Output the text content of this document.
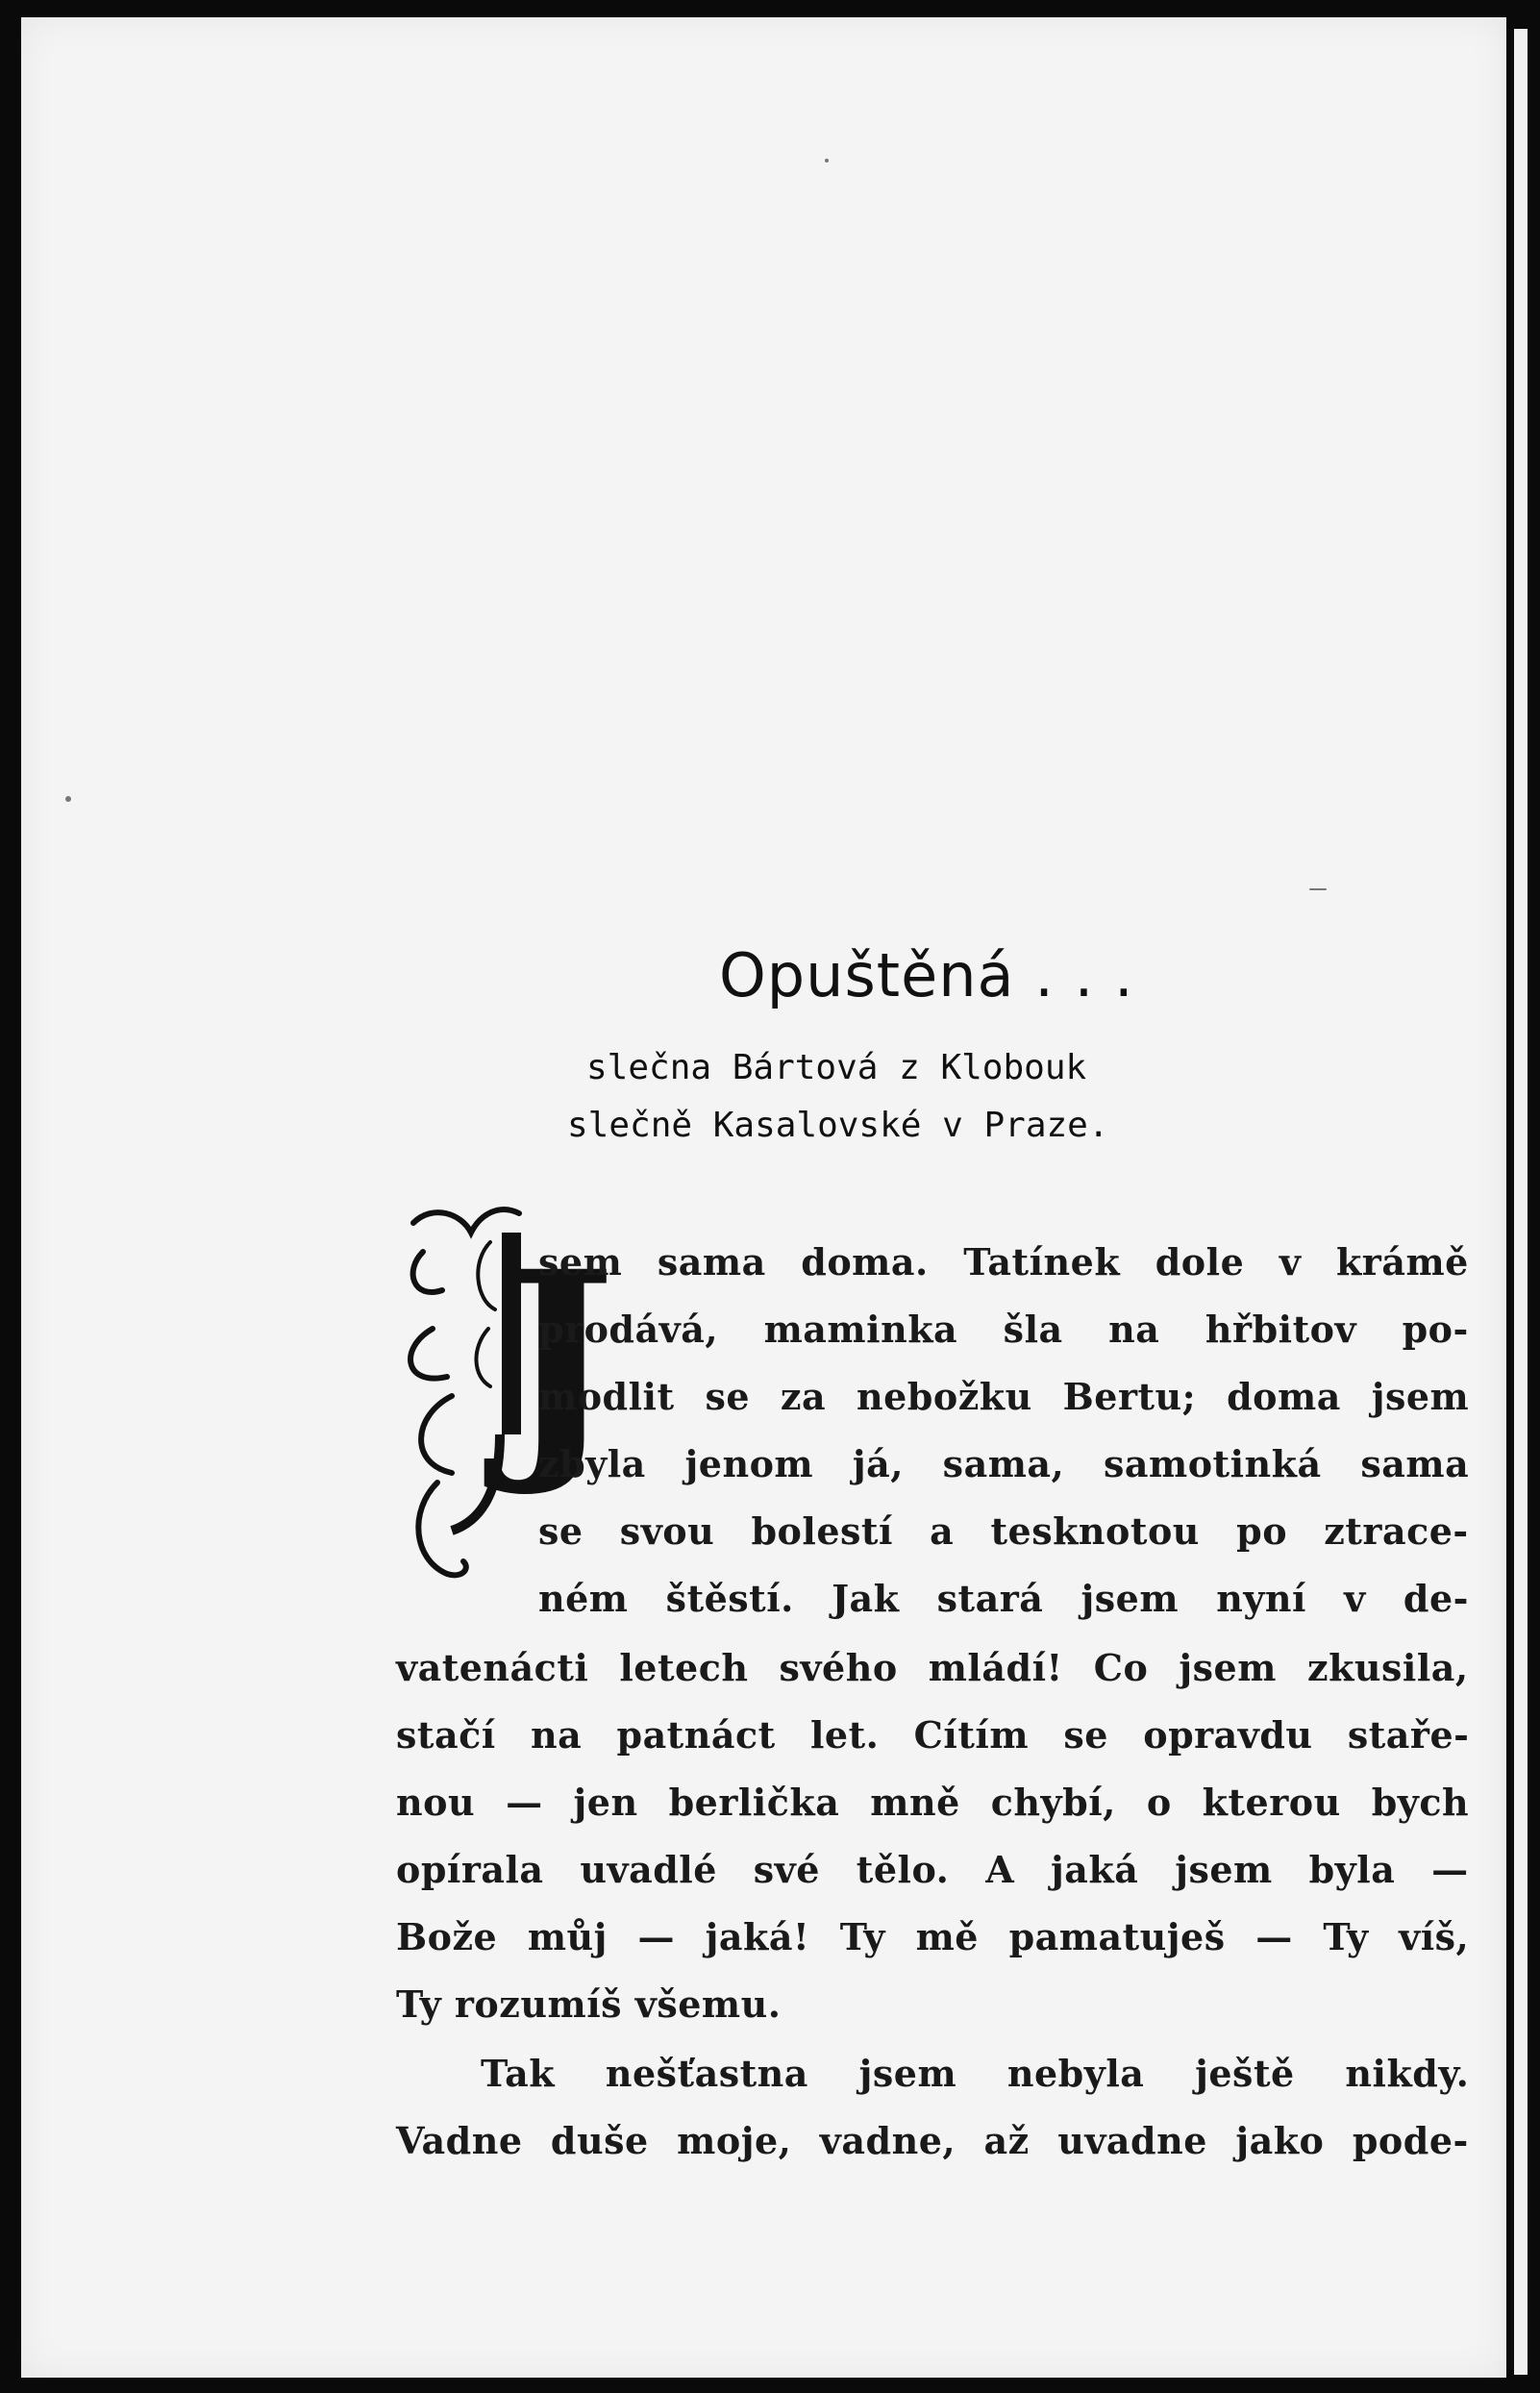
Opuštěná . . .
slečna Bártová z Klobouk
slečně Kasalovské v Praze.
J
sem sama doma. Tatínek dole v krámě
prodává, maminka šla na hřbitov po-
modlit se za nebožku Bertu; doma jsem
zbyla jenom já, sama, samotinká sama
se svou bolestí a tesknotou po ztrace-
ném štěstí. Jak stará jsem nyní v de-
vatenácti letech svého mládí! Co jsem zkusila,
stačí na patnáct let. Cítím se opravdu staře-
nou — jen berlička mně chybí, o kterou bych
opírala uvadlé své tělo. A jaká jsem byla —
Bože můj — jaká! Ty mě pamatuješ — Ty víš,
Ty rozumíš všemu.
Tak nešťastna jsem nebyla ještě nikdy.
Vadne duše moje, vadne, až uvadne jako pode-
